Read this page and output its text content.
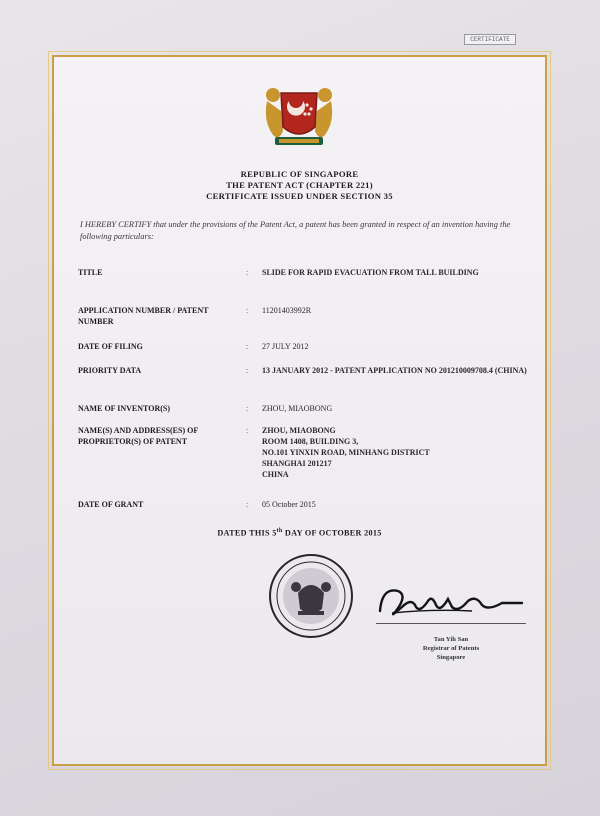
CERTIFICATE
REPUBLIC OF SINGAPORE
THE PATENT ACT (CHAPTER 221)
CERTIFICATE ISSUED UNDER SECTION 35
I HEREBY CERTIFY that under the provisions of the Patent Act, a patent has been granted in respect of an invention having the following particulars:
TITLE	: SLIDE FOR RAPID EVACUATION FROM TALL BUILDING
APPLICATION NUMBER / PATENT NUMBER
: 11201403992R
DATE OF FILING	: 27 JULY 2012
PRIORITY DATA	: 13 JANUARY 2012 - PATENT APPLICATION NO 201210009708.4 (CHINA)
NAME OF INVENTOR(S)	: ZHOU, MIAOBONG
NAME(S) AND ADDRESS(ES) OF PROPRIETOR(S) OF PATENT
: ZHOU, MIAOBONG
ROOM 1408, BUILDING 3,
NO.101 YINXIN ROAD, MINHANG DISTRICT
SHANGHAI 201217
CHINA
DATE OF GRANT	: 05 October 2015
DATED THIS 5th DAY OF OCTOBER 2015
Tan Yih San
Registrar of Patents
Singapore
